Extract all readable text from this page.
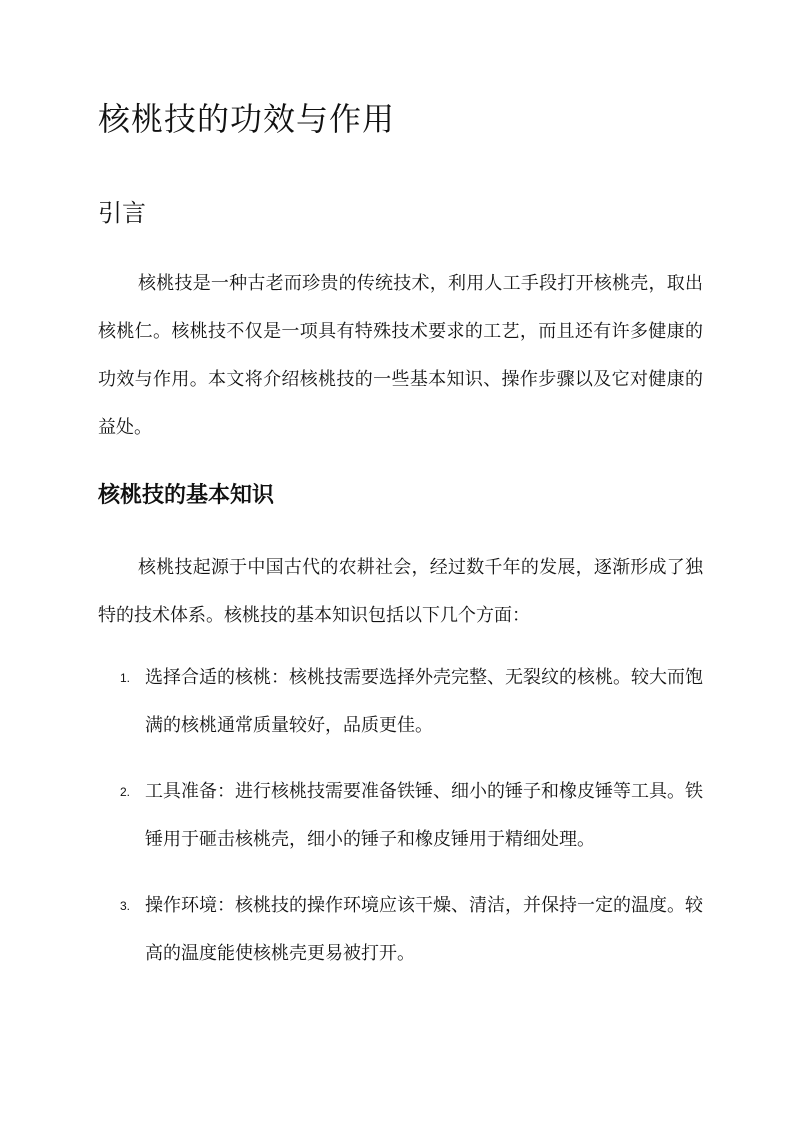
核桃技的功效与作用
引言

核桃技是一种古老而珍贵的传统技术，利用人工手段打开核桃壳，取出核桃仁。核桃技不仅是一项具有特殊技术要求的工艺，而且还有许多健康的功效与作用。本文将介绍核桃技的一些基本知识、操作步骤以及它对健康的益处。

核桃技的基本知识

核桃技起源于中国古代的农耕社会，经过数千年的发展，逐渐形成了独特的技术体系。核桃技的基本知识包括以下几个方面：

1. 选择合适的核桃：核桃技需要选择外壳完整、无裂纹的核桃。较大而饱满的核桃通常质量较好，品质更佳。
2. 工具准备：进行核桃技需要准备铁锤、细小的锤子和橡皮锤等工具。铁锤用于砸击核桃壳，细小的锤子和橡皮锤用于精细处理。
3. 操作环境：核桃技的操作环境应该干燥、清洁，并保持一定的温度。较高的温度能使核桃壳更易被打开。
